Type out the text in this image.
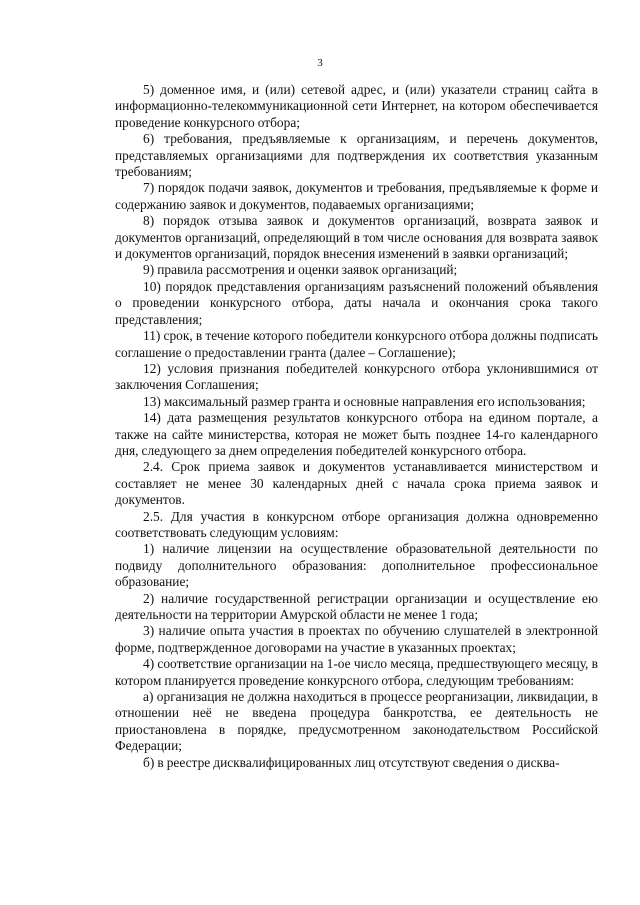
3

5) доменное имя, и (или) сетевой адрес, и (или) указатели страниц сайта в информационно-телекоммуникационной сети Интернет, на котором обеспечивается проведение конкурсного отбора;

6) требования, предъявляемые к организациям, и перечень документов, представляемых организациями для подтверждения их соответствия указанным требованиям;

7) порядок подачи заявок, документов и требования, предъявляемые к форме и содержанию заявок и документов, подаваемых организациями;

8) порядок отзыва заявок и документов организаций, возврата заявок и документов организаций, определяющий в том числе основания для возврата заявок и документов организаций, порядок внесения изменений в заявки организаций;

9) правила рассмотрения и оценки заявок организаций;

10) порядок представления организациям разъяснений положений объявления о проведении конкурсного отбора, даты начала и окончания срока такого представления;

11) срок, в течение которого победители конкурсного отбора должны подписать соглашение о предоставлении гранта (далее – Соглашение);

12) условия признания победителей конкурсного отбора уклонившимися от заключения Соглашения;

13) максимальный размер гранта и основные направления его использования;

14) дата размещения результатов конкурсного отбора на едином портале, а также на сайте министерства, которая не может быть позднее 14-го календарного дня, следующего за днем определения победителей конкурсного отбора.

2.4. Срок приема заявок и документов устанавливается министерством и составляет не менее 30 календарных дней с начала срока приема заявок и документов.

2.5. Для участия в конкурсном отборе организация должна одновременно соответствовать следующим условиям:

1) наличие лицензии на осуществление образовательной деятельности по подвиду дополнительного образования: дополнительное профессиональное образование;

2) наличие государственной регистрации организации и осуществление ею деятельности на территории Амурской области не менее 1 года;

3) наличие опыта участия в проектах по обучению слушателей в электронной форме, подтвержденное договорами на участие в указанных проектах;

4) соответствие организации на 1-ое число месяца, предшествующего месяцу, в котором планируется проведение конкурсного отбора, следующим требованиям:

а) организация не должна находиться в процессе реорганизации, ликвидации, в отношении неё не введена процедура банкротства, ее деятельность не приостановлена в порядке, предусмотренном законодательством Российской Федерации;

б) в реестре дисквалифицированных лиц отсутствуют сведения о дисква-
